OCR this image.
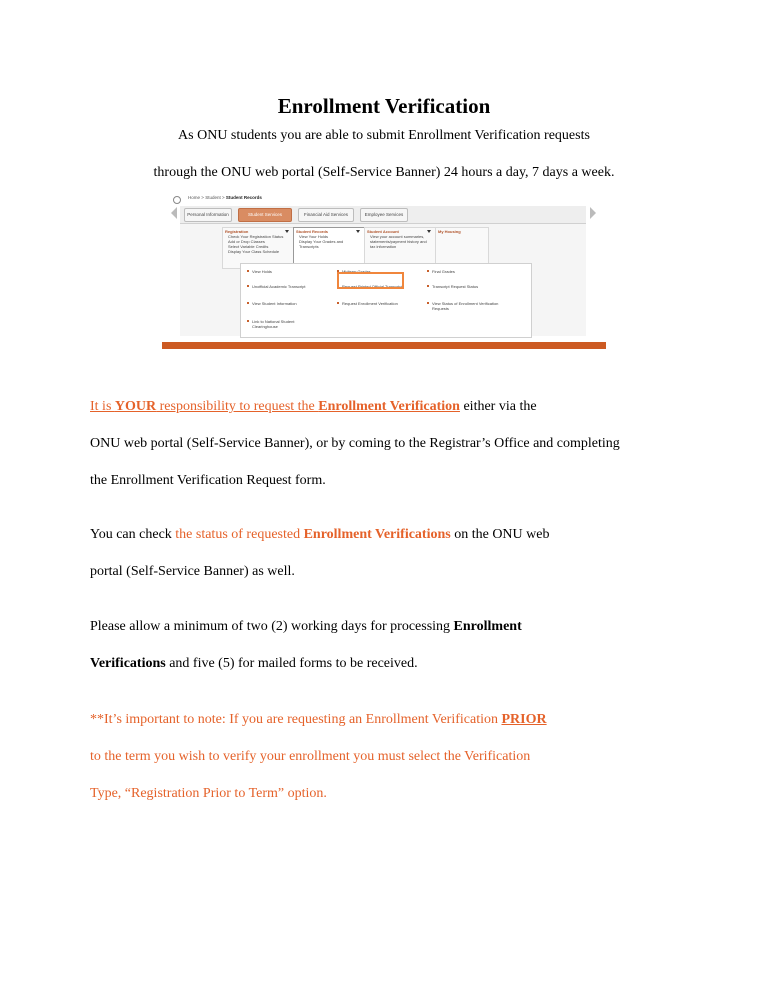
Enrollment Verification
As ONU students you are able to submit Enrollment Verification requests
through the ONU web portal (Self-Service Banner) 24 hours a day, 7 days a week.
Home > Student > Student Records
Personal Information	Student Services	Financial Aid Services	Employee Services
Registration
Check Your Registration Status
Add or Drop Classes
Select Variable Credits
Display Your Class Schedule
Student Records
View Your Holds
Display Your Grades and Transcripts
Student Account
View your account summaries,
statements/payment history and
tax information
My Housing
View Holds	Midterm Grades	Final Grades
Unofficial Academic Transcript	Request Printed Official Transcript	Transcript Request Status
View Student Information	Request Enrollment Verification	View Status of Enrollment Verification Requests
Link to National Student Clearinghouse
It is YOUR responsibility to request the Enrollment Verification either via the
ONU web portal (Self-Service Banner), or by coming to the Registrar’s Office and completing
the Enrollment Verification Request form.
You can check the status of requested Enrollment Verifications on the ONU web
portal (Self-Service Banner) as well.
Please allow a minimum of two (2) working days for processing Enrollment
Verifications and five (5) for mailed forms to be received.
**It’s important to note: If you are requesting an Enrollment Verification PRIOR
to the term you wish to verify your enrollment you must select the Verification
Type, “Registration Prior to Term” option.
